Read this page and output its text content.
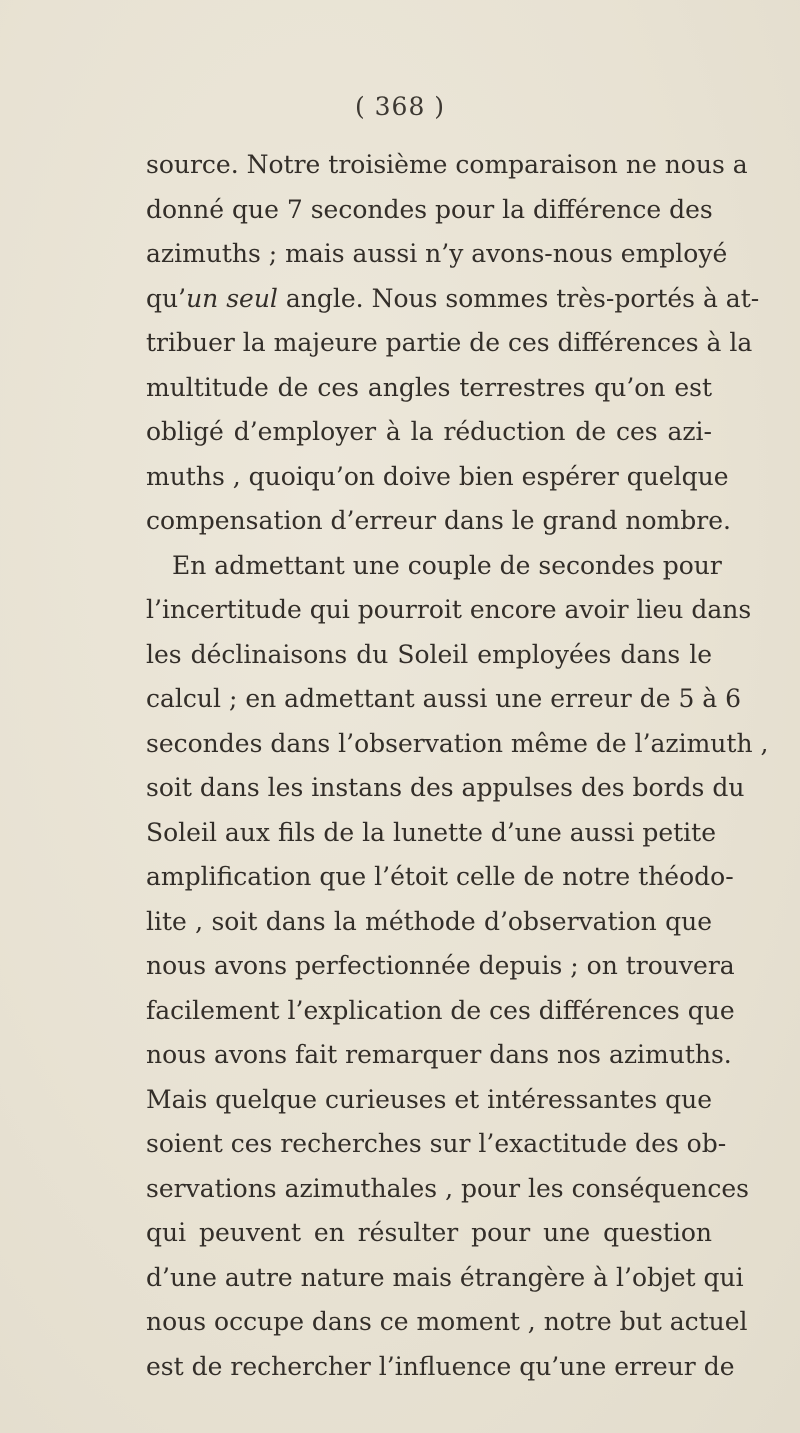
( 368 )
source. Notre troisième comparaison ne nous a
donné que 7 secondes pour la différence des
azimuths ; mais aussi n’y avons-nous employé
qu’un seul angle. Nous sommes très-portés à at-
tribuer la majeure partie de ces différences à la
multitude de ces angles terrestres qu’on est
obligé d’employer à la réduction de ces azi-
muths , quoiqu’on doive bien espérer quelque
compensation d’erreur dans le grand nombre.
En admettant une couple de secondes pour
l’incertitude qui pourroit encore avoir lieu dans
les déclinaisons du Soleil employées dans le
calcul ; en admettant aussi une erreur de 5 à 6
secondes dans l’observation même de l’azimuth ,
soit dans les instans des appulses des bords du
Soleil aux fils de la lunette d’une aussi petite
amplification que l’étoit celle de notre théodo-
lite , soit dans la méthode d’observation que
nous avons perfectionnée depuis ; on trouvera
facilement l’explication de ces différences que
nous avons fait remarquer dans nos azimuths.
Mais quelque curieuses et intéressantes que
soient ces recherches sur l’exactitude des ob-
servations azimuthales , pour les conséquences
qui peuvent en résulter pour une question
d’une autre nature mais étrangère à l’objet qui
nous occupe dans ce moment , notre but actuel
est de rechercher l’influence qu’une erreur de
